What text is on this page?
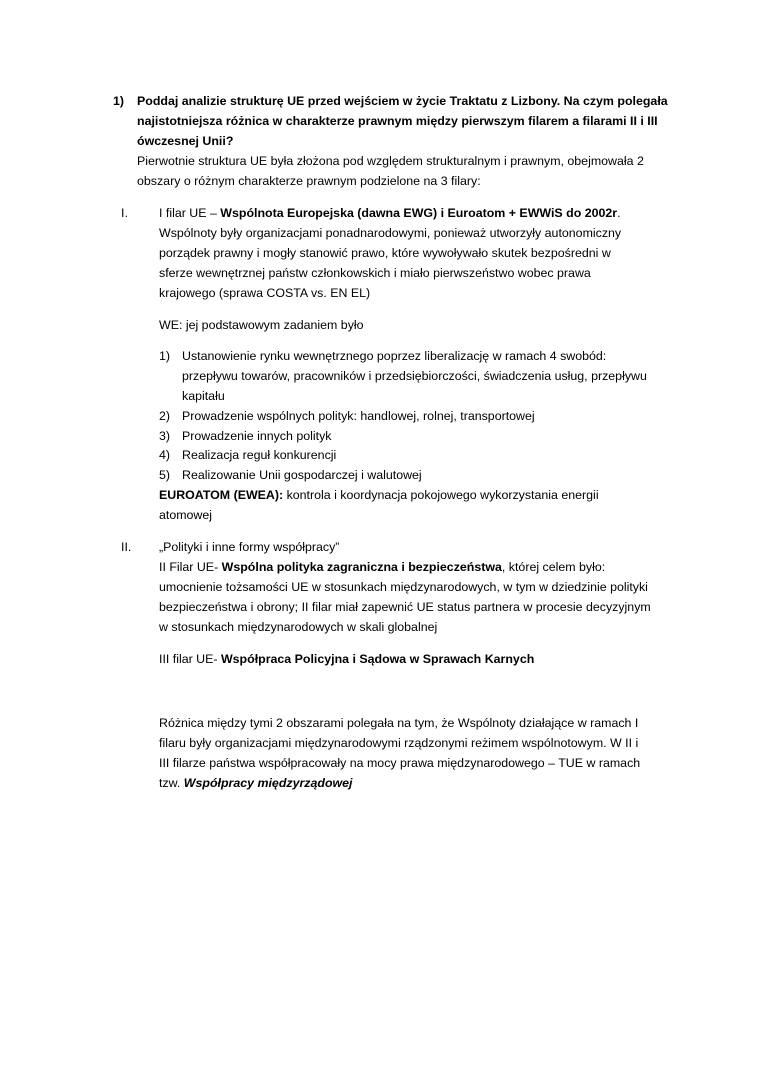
1) Poddaj analizie strukturę UE przed wejściem w życie Traktatu z Lizbony. Na czym polegała
najistotniejsza różnica w charakterze prawnym między pierwszym filarem a filarami II i III
ówczesnej Unii?
Pierwotnie struktura UE była złożona pod względem strukturalnym i prawnym, obejmowała 2
obszary o różnym charakterze prawnym podzielone na 3 filary:
I.	I filar UE – Wspólnota Europejska (dawna EWG) i Euroatom + EWWiS do 2002r.
Wspólnoty były organizacjami ponadnarodowymi, ponieważ utworzyły autonomiczny
porządek prawny i mogły stanowić prawo, które wywoływało skutek bezpośredni w
sferze wewnętrznej państw członkowskich i miało pierwszeństwo wobec prawa
krajowego (sprawa COSTA vs. EN EL)
WE: jej podstawowym zadaniem było
1) Ustanowienie rynku wewnętrznego poprzez liberalizację w ramach 4 swobód:
przepływu towarów, pracowników i przedsiębiorczości, świadczenia usług, przepływu
kapitału
2) Prowadzenie wspólnych polityk: handlowej, rolnej, transportowej
3) Prowadzenie innych polityk
4) Realizacja reguł konkurencji
5) Realizowanie Unii gospodarczej i walutowej
EUROATOM (EWEA): kontrola i koordynacja pokojowego wykorzystania energii
atomowej
II. „Polityki i inne formy współpracy”
II Filar UE- Wspólna polityka zagraniczna i bezpieczeństwa, której celem było:
umocnienie tożsamości UE w stosunkach międzynarodowych, w tym w dziedzinie polityki
bezpieczeństwa i obrony; II filar miał zapewnić UE status partnera w procesie decyzyjnym
w stosunkach międzynarodowych w skali globalnej
III filar UE- Współpraca Policyjna i Sądowa w Sprawach Karnych
Różnica między tymi 2 obszarami polegała na tym, że Wspólnoty działające w ramach I
filaru były organizacjami międzynarodowymi rządzonymi reżimem wspólnotowym. W II i
III filarze państwa współpracowały na mocy prawa międzynarodowego – TUE w ramach
tzw. Współpracy międzyrządowej
